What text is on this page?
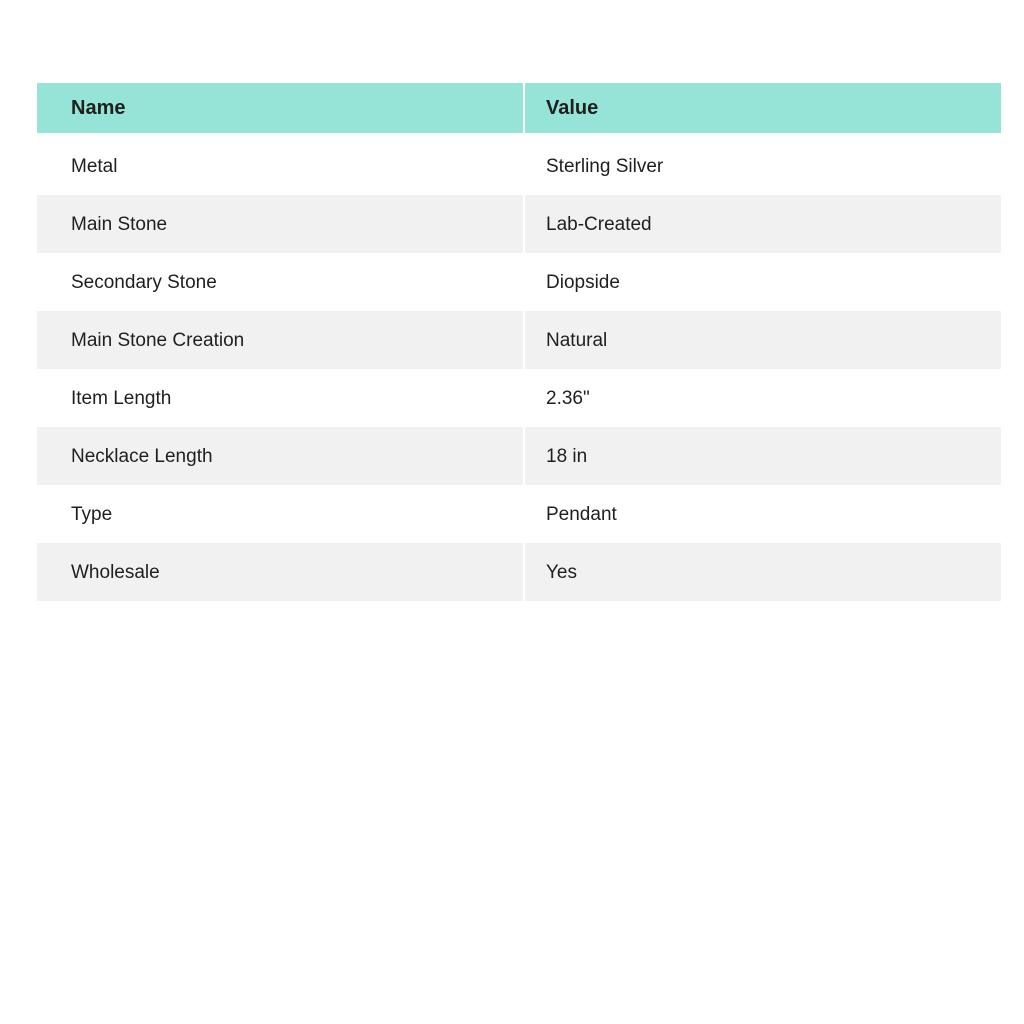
Name	Value
Metal	Sterling Silver
Main Stone	Lab-Created
Secondary Stone	Diopside
Main Stone Creation	Natural
Item Length	2.36"
Necklace Length	18 in
Type	Pendant
Wholesale	Yes
